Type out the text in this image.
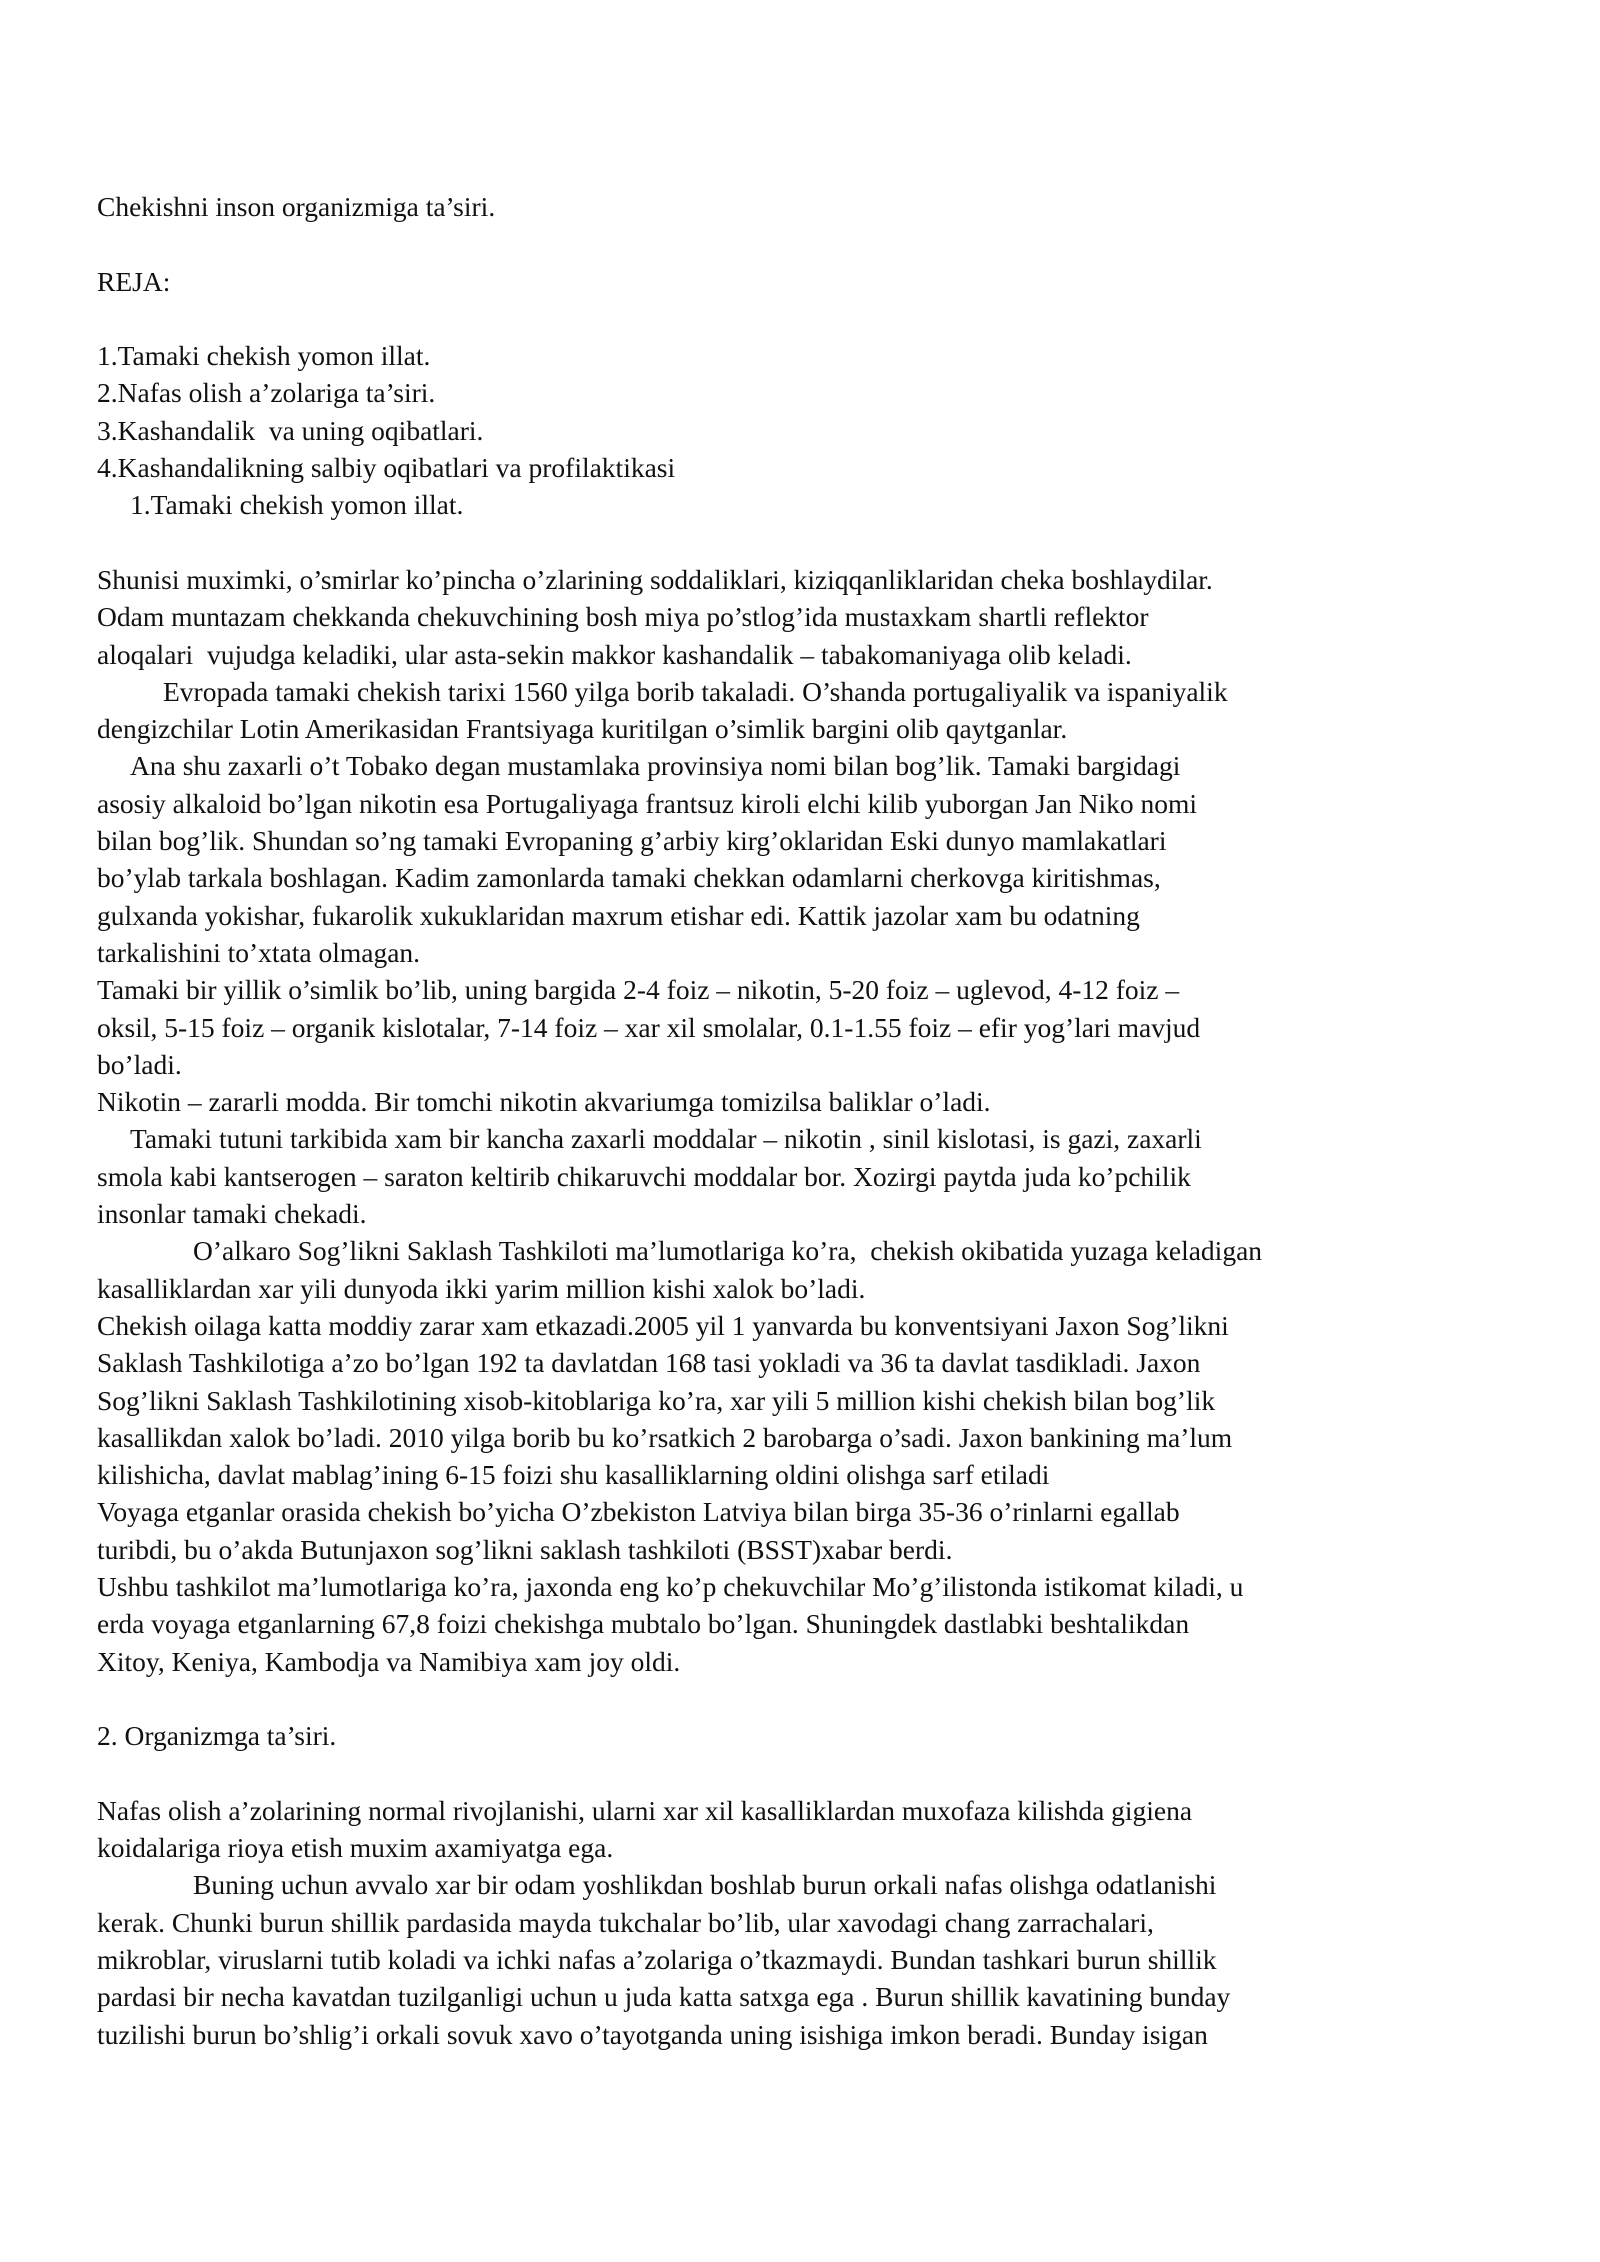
Chekishni inson organizmiga ta’siri.
REJA:
1.Tamaki chekish yomon illat.
2.Nafas olish a’zolariga ta’siri.
3.Kashandalik  va uning oqibatlari.
4.Kashandalikning salbiy oqibatlari va profilaktikasi
1.Tamaki chekish yomon illat.
Shunisi muximki, o’smirlar ko’pincha o’zlarining soddaliklari, kiziqqanliklaridan cheka boshlaydilar.
Odam muntazam chekkanda chekuvchining bosh miya po’stlog’ida mustaxkam shartli reflektor
aloqalari  vujudga keladiki, ular asta-sekin makkor kashandalik – tabakomaniyaga olib keladi.
Evropada tamaki chekish tarixi 1560 yilga borib takaladi. O’shanda portugaliyalik va ispaniyalik
dengizchilar Lotin Amerikasidan Frantsiyaga kuritilgan o’simlik bargini olib qaytganlar.
Ana shu zaxarli o’t Tobako degan mustamlaka provinsiya nomi bilan bog’lik. Tamaki bargidagi
asosiy alkaloid bo’lgan nikotin esa Portugaliyaga frantsuz kiroli elchi kilib yuborgan Jan Niko nomi
bilan bog’lik. Shundan so’ng tamaki Evropaning g’arbiy kirg’oklaridan Eski dunyo mamlakatlari
bo’ylab tarkala boshlagan. Kadim zamonlarda tamaki chekkan odamlarni cherkovga kiritishmas,
gulxanda yokishar, fukarolik xukuklaridan maxrum etishar edi. Kattik jazolar xam bu odatning
tarkalishini to’xtata olmagan.
Tamaki bir yillik o’simlik bo’lib, uning bargida 2-4 foiz – nikotin, 5-20 foiz – uglevod, 4-12 foiz –
oksil, 5-15 foiz – organik kislotalar, 7-14 foiz – xar xil smolalar, 0.1-1.55 foiz – efir yog’lari mavjud
bo’ladi.
Nikotin – zararli modda. Bir tomchi nikotin akvariumga tomizilsa baliklar o’ladi.
Tamaki tutuni tarkibida xam bir kancha zaxarli moddalar – nikotin , sinil kislotasi, is gazi, zaxarli
smola kabi kantserogen – saraton keltirib chikaruvchi moddalar bor. Xozirgi paytda juda ko’pchilik
insonlar tamaki chekadi.
O’alkaro Sog’likni Saklash Tashkiloti ma’lumotlariga ko’ra,  chekish okibatida yuzaga keladigan
kasalliklardan xar yili dunyoda ikki yarim million kishi xalok bo’ladi.
Chekish oilaga katta moddiy zarar xam etkazadi.2005 yil 1 yanvarda bu konventsiyani Jaxon Sog’likni
Saklash Tashkilotiga a’zo bo’lgan 192 ta davlatdan 168 tasi yokladi va 36 ta davlat tasdikladi. Jaxon
Sog’likni Saklash Tashkilotining xisob-kitoblariga ko’ra, xar yili 5 million kishi chekish bilan bog’lik
kasallikdan xalok bo’ladi. 2010 yilga borib bu ko’rsatkich 2 barobarga o’sadi. Jaxon bankining ma’lum
kilishicha, davlat mablag’ining 6-15 foizi shu kasalliklarning oldini olishga sarf etiladi
Voyaga etganlar orasida chekish bo’yicha O’zbekiston Latviya bilan birga 35-36 o’rinlarni egallab
turibdi, bu o’akda Butunjaxon sog’likni saklash tashkiloti (BSST)xabar berdi.
Ushbu tashkilot ma’lumotlariga ko’ra, jaxonda eng ko’p chekuvchilar Mo’g’ilistonda istikomat kiladi, u
erda voyaga etganlarning 67,8 foizi chekishga mubtalo bo’lgan. Shuningdek dastlabki beshtalikdan
Xitoy, Keniya, Kambodja va Namibiya xam joy oldi.
2. Organizmga ta’siri.
Nafas olish a’zolarining normal rivojlanishi, ularni xar xil kasalliklardan muxofaza kilishda gigiena
koidalariga rioya etish muxim axamiyatga ega.
Buning uchun avvalo xar bir odam yoshlikdan boshlab burun orkali nafas olishga odatlanishi
kerak. Chunki burun shillik pardasida mayda tukchalar bo’lib, ular xavodagi chang zarrachalari,
mikroblar, viruslarni tutib koladi va ichki nafas a’zolariga o’tkazmaydi. Bundan tashkari burun shillik
pardasi bir necha kavatdan tuzilganligi uchun u juda katta satxga ega . Burun shillik kavatining bunday
tuzilishi burun bo’shlig’i orkali sovuk xavo o’tayotganda uning isishiga imkon beradi. Bunday isigan
